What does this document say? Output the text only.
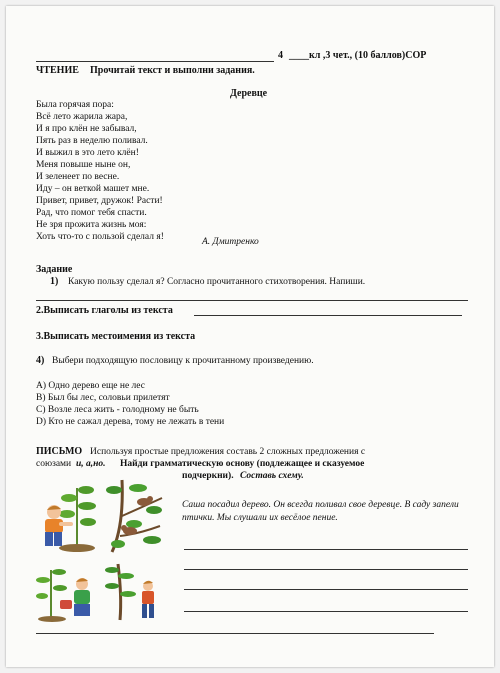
4 ____кл ,3 чет., (10 баллов)СОР
ЧТЕНИЕ Прочитай текст и выполни задания.
Деревце
Была горячая пора:
Всё лето жарила жара,
И я про клён не забывал,
Пять раз в неделю поливал.
И выжил в это лето клён!
Меня повыше ныне он,
И зеленеет по весне.
Иду – он веткой машет мне.
Привет, привет, дружок! Расти!
Рад, что помог тебя спасти.
Не зря прожита жизнь моя:
Хоть что-то с пользой сделал я!	А. Дмитренко
Задание
1) Какую пользу сделал я? Согласно прочитанного стихотворения. Напиши.
2.Выписать глаголы из текста
3.Выписать местоимения из текста
4) Выбери подходящую пословицу к прочитанному произведению.
А) Одно дерево еще не лес
В) Был бы лес, соловьи прилетят
С) Возле леса жить - голодному не быть
D) Кто не сажал дерева, тому не лежать в тени
ПИСЬМО Используя простые предложения составь 2 сложных предложения с
союзами и, а,но. Найди грамматическую основу (подлежащее и сказуемое
подчеркни). Составь схему.
Саша посадил дерево. Он всегда поливал свое деревце. В саду запели птички. Мы слушали их весёлое пение.
